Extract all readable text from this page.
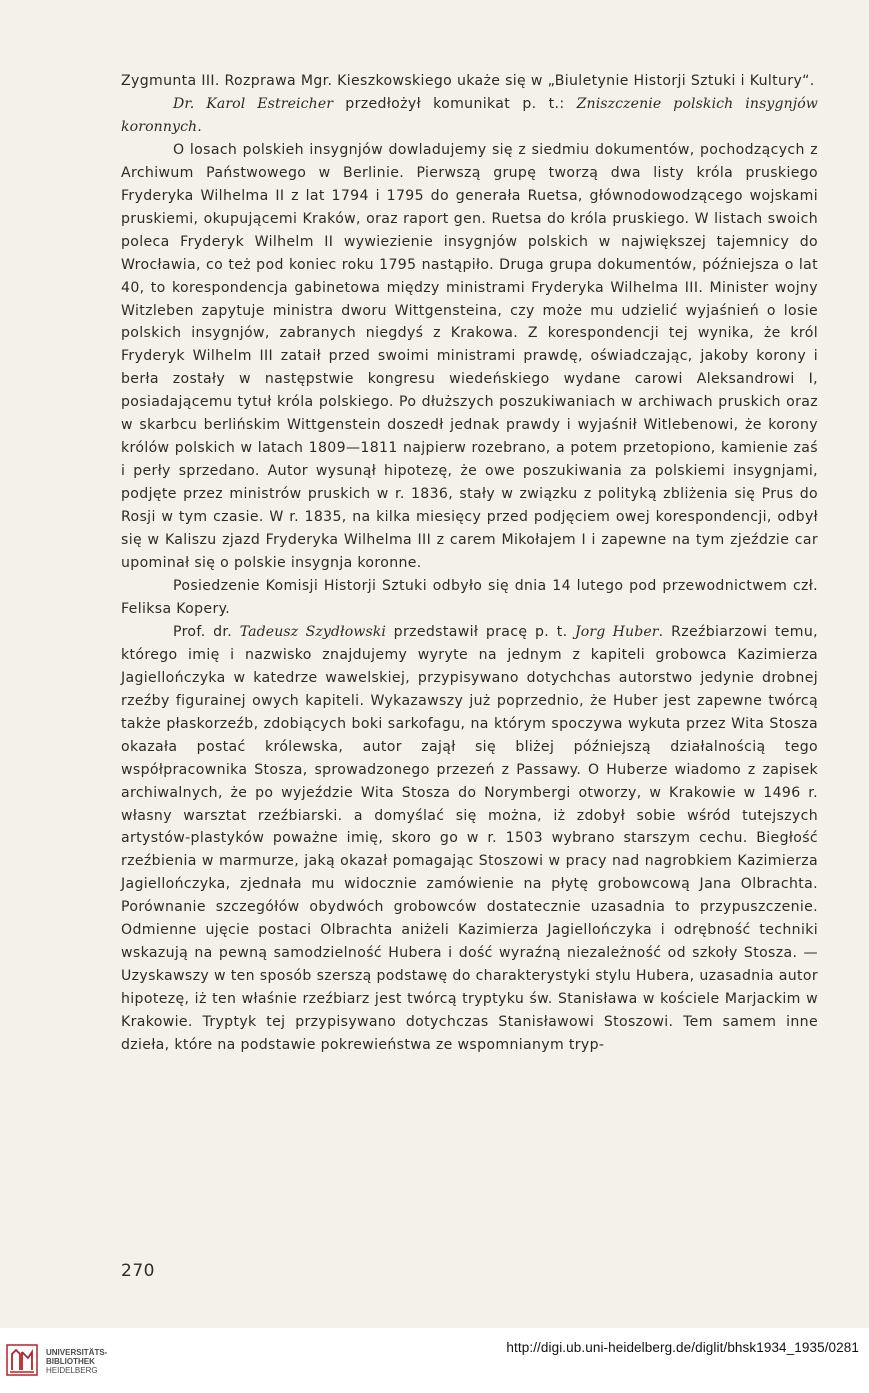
Zygmunta III. Rozprawa Mgr. Kieszkowskiego ukaże się w „Biuletynie Historji Sztuki i Kultury“.

Dr. Karol Estreicher przedłożył komunikat p. t.: Zniszczenie polskich insygnjów koronnych.

O losach polskieh insygnjów dowladujemy się z siedmiu dokumentów, pochodzących z Archiwum Państwowego w Berlinie. Pierwszą grupę tworzą dwa listy króla pruskiego Fryderyka Wilhelma II z lat 1794 i 1795 do generała Ruetsa, głównodowodzącego wojskami pruskiemi, okupującemi Kraków, oraz raport gen. Ruetsa do króla pruskiego. W listach swoich poleca Fryderyk Wilhelm II wywiezienie insygnjów polskich w największej tajemnicy do Wrocławia, co też pod koniec roku 1795 nastąpiło. Druga grupa dokumentów, późniejsza o lat 40, to korespondencja gabinetowa między ministrami Fryderyka Wilhelma III. Minister wojny Witzleben zapytuje ministra dworu Wittgensteina, czy może mu udzielić wyjaśnień o losie polskich insygnjów, zabranych niegdyś z Krakowa. Z korespondencji tej wynika, że król Fryderyk Wilhelm III zataił przed swoimi ministrami prawdę, oświadczając, jakoby korony i berła zostały w następstwie kongresu wiedeńskiego wydane carowi Aleksandrowi I, posiadającemu tytuł króla polskiego. Po dłuższych poszukiwaniach w archiwach pruskich oraz w skarbcu berlińskim Wittgenstein doszedł jednak prawdy i wyjaśnił Witlebenowi, że korony królów polskich w latach 1809—1811 najpierw rozebrano, a potem przetopiono, kamienie zaś i perły sprzedano. Autor wysunął hipotezę, że owe poszukiwania za polskiemi insygnjami, podjęte przez ministrów pruskich w r. 1836, stały w związku z polityką zbliżenia się Prus do Rosji w tym czasie. W r. 1835, na kilka miesięcy przed podjęciem owej korespondencji, odbył się w Kaliszu zjazd Fryderyka Wilhelma III z carem Mikołajem I i zapewne na tym zjeździe car upominał się o polskie insygnja koronne.

Posiedzenie Komisji Historji Sztuki odbyło się dnia 14 lutego pod przewodnictwem czł. Feliksa Kopery.

Prof. dr. Tadeusz Szydłowski przedstawił pracę p. t. Jorg Huber. Rzeźbiarzowi temu, którego imię i nazwisko znajdujemy wyryte na jednym z kapiteli grobowca Kazimierza Jagiellończyka w katedrze wawelskiej, przypisywano dotychchas autorstwo jedynie drobnej rzeźby figurainej owych kapiteli. Wykazawszy już poprzednio, że Huber jest zapewne twórcą także płaskorzeźb, zdobiących boki sarkofagu, na którym spoczywa wykuta przez Wita Stosza okazała postać królewska, autor zajął się bliżej późniejszą działalnością tego współpracownika Stosza, sprowadzonego przezeń z Passawy. O Huberze wiadomo z zapisek archiwalnych, że po wyjeździe Wita Stosza do Norymbergi otworzy, w Krakowie w 1496 r. własny warsztat rzeźbiarski. a domyślać się można, iż zdobył sobie wśród tutejszych artystów-plastyków poważne imię, skoro go w r. 1503 wybrano starszym cechu. Biegłość rzeźbienia w marmurze, jaką okazał pomagając Stoszowi w pracy nad nagrobkiem Kazimierza Jagiellończyka, zjednała mu widocznie zamówienie na płytę grobowcową Jana Olbrachta. Porównanie szczegółów obydwóch grobowców dostatecznie uzasadnia to przypuszczenie. Odmienne ujęcie postaci Olbrachta aniżeli Kazimierza Jagiellończyka i odrębność techniki wskazują na pewną samodzielność Hubera i dość wyraźną niezależność od szkoły Stosza. — Uzyskawszy w ten sposób szerszą podstawę do charakterystyki stylu Hubera, uzasadnia autor hipotezę, iż ten właśnie rzeźbiarz jest twórcą tryptyku św. Stanisława w kościele Marjackim w Krakowie. Tryptyk tej przypisywano dotychczas Stanisławowi Stoszowi. Tem samem inne dzieła, które na podstawie pokrewieństwa ze wspomnianym tryp-

270
UNIVERSITÄTS-
BIBLIOTHEK
HEIDELBERG
http://digi.ub.uni-heidelberg.de/diglit/bhsk1934_1935/0281
